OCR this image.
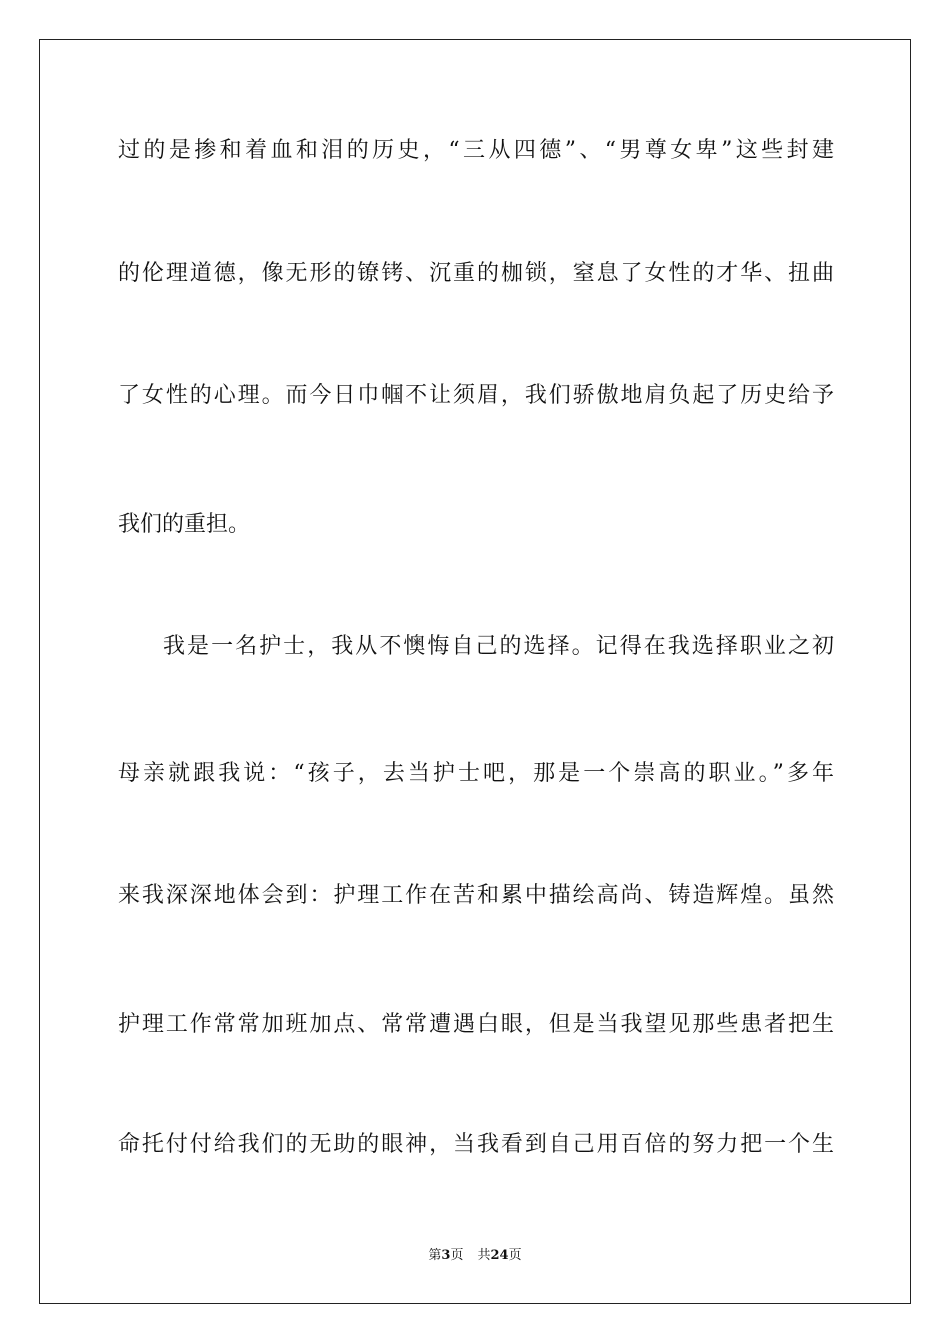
过的是掺和着血和泪的历史，“三从四德”、“男尊女卑”这些封建
的伦理道德，像无形的镣铐、沉重的枷锁，窒息了女性的才华、扭曲
了女性的心理。而今日巾帼不让须眉，我们骄傲地肩负起了历史给予
我们的重担。
我是一名护士，我从不懊悔自己的选择。记得在我选择职业之初
母亲就跟我说：“孩子，去当护士吧，那是一个崇高的职业。”多年
来我深深地体会到：护理工作在苦和累中描绘高尚、铸造辉煌。虽然
护理工作常常加班加点、常常遭遇白眼，但是当我望见那些患者把生
命托付付给我们的无助的眼神，当我看到自己用百倍的努力把一个生
第3页 共24页
